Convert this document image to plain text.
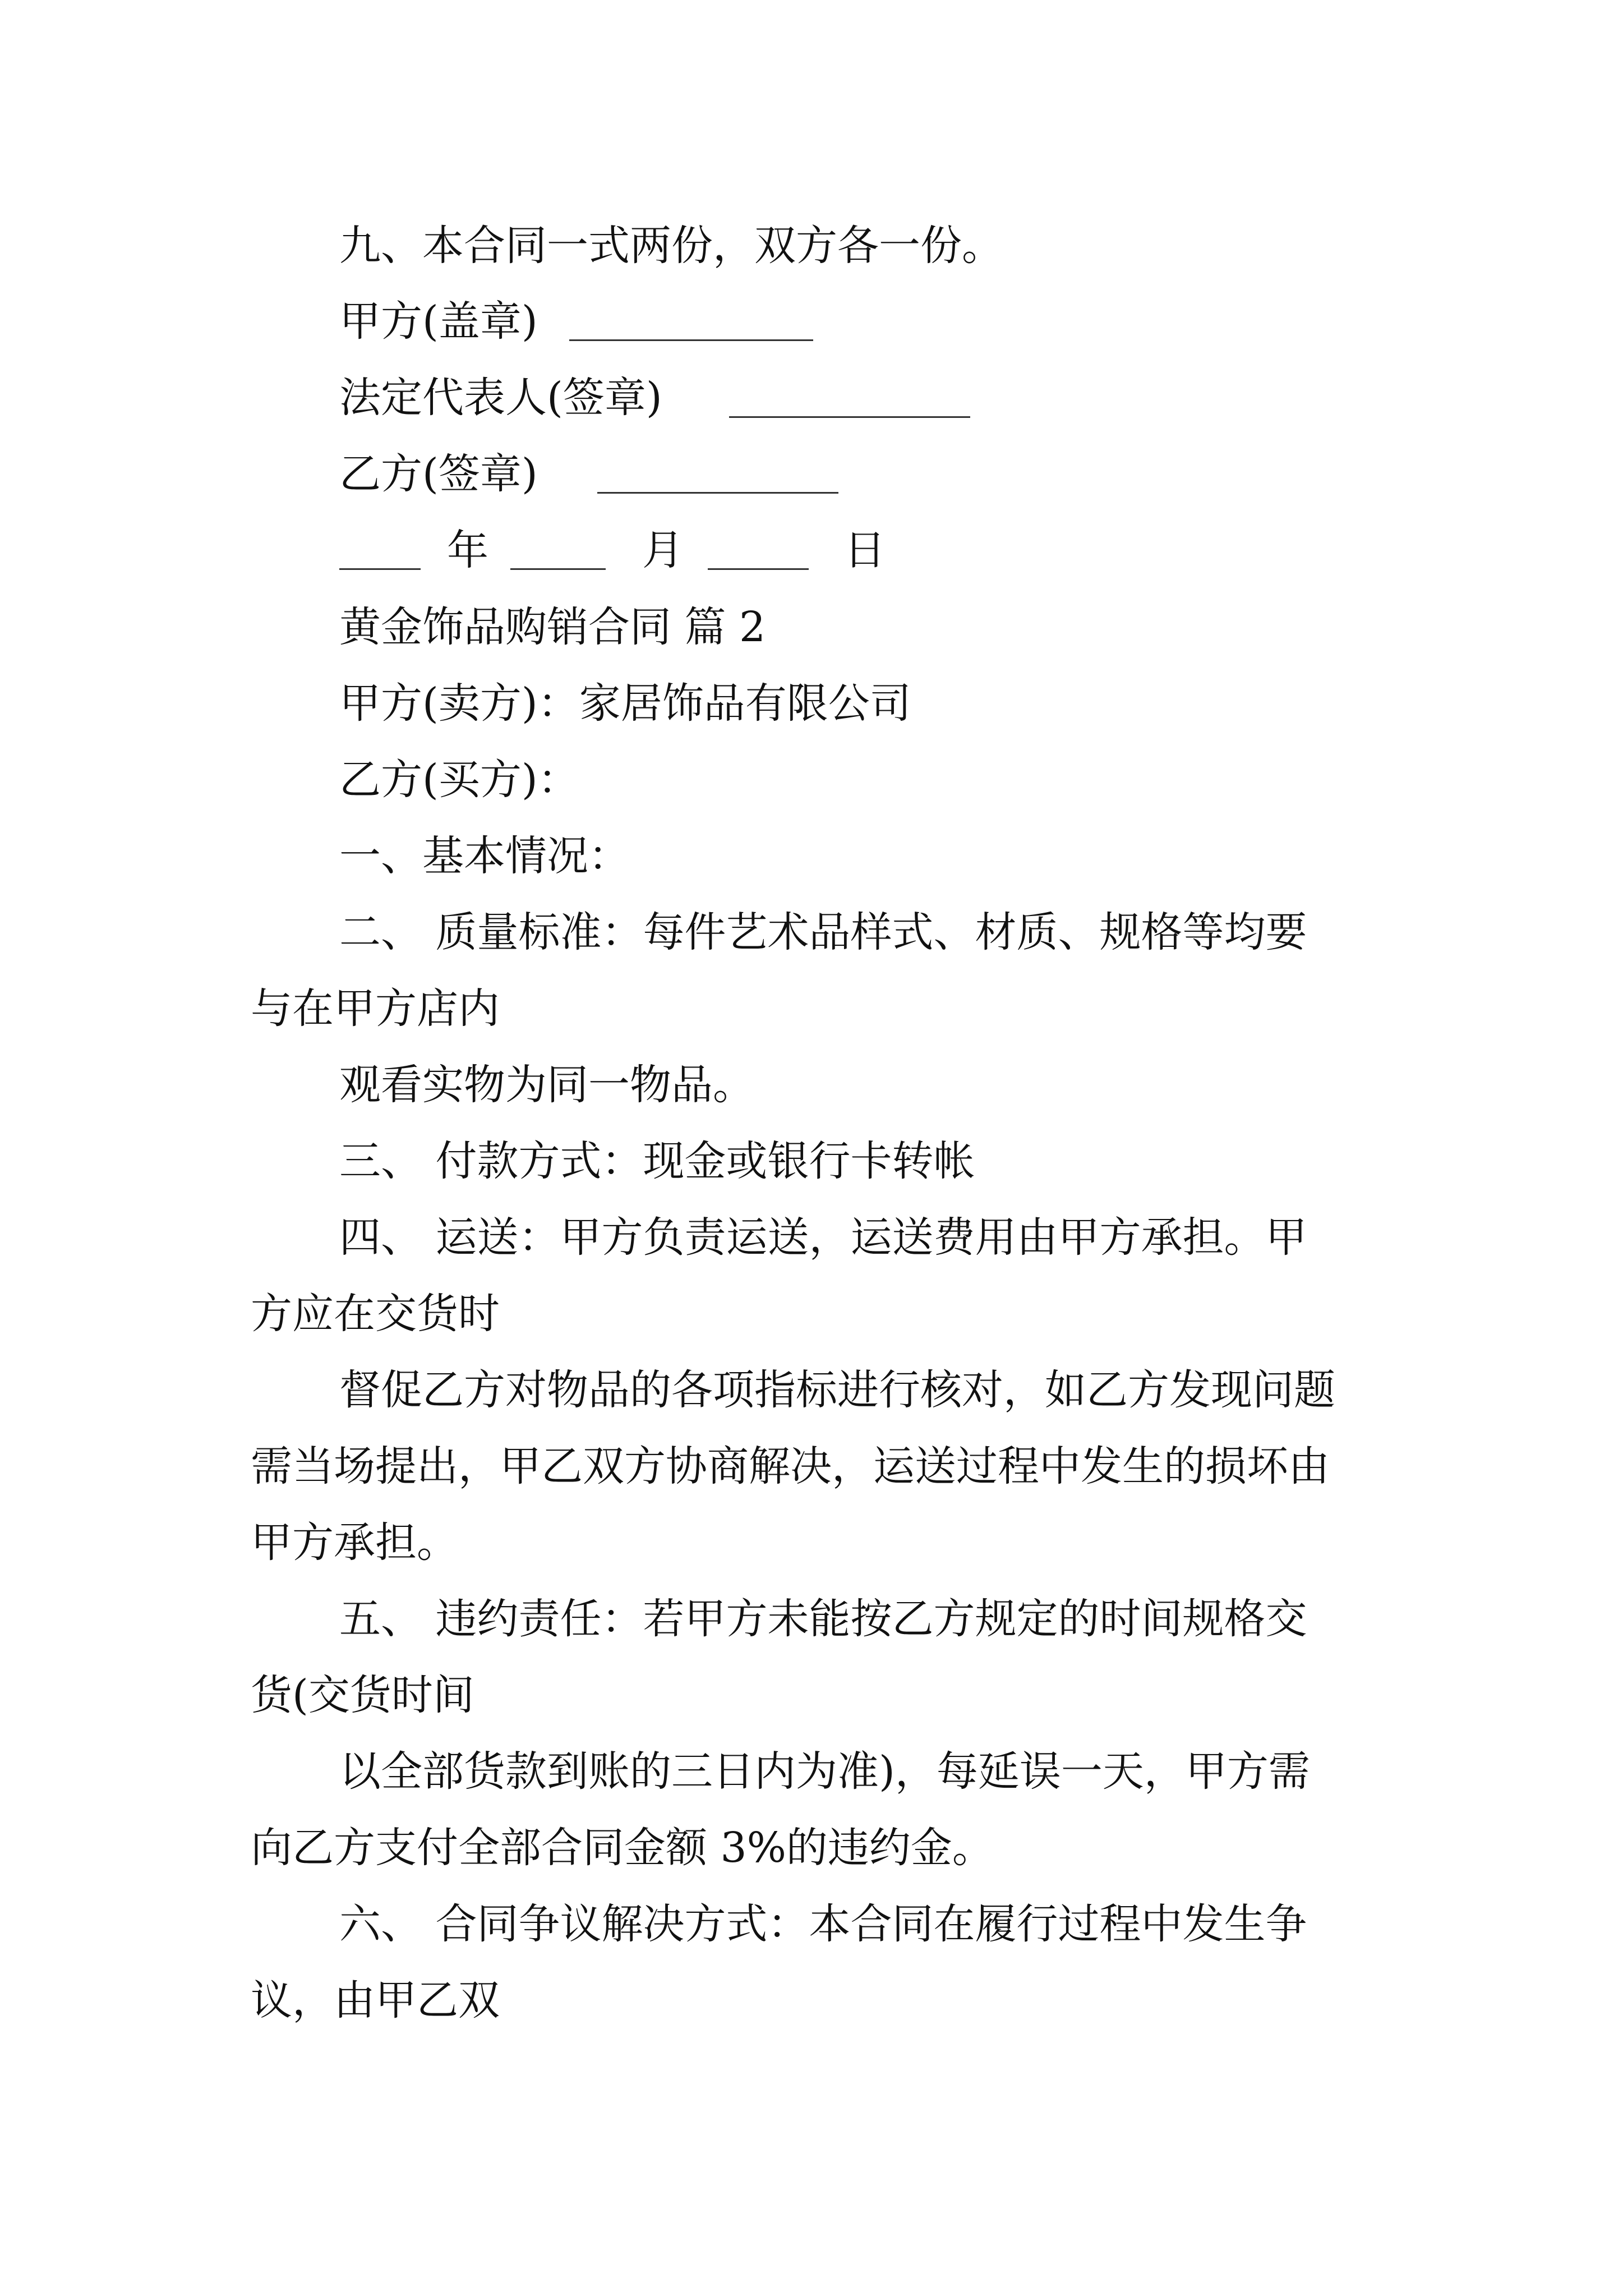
九、本合同一式两份，双方各一份。

甲方(盖章)

法定代表人(签章)

乙方(签章)

年	月	日

黄金饰品购销合同 篇 2

甲方(卖方)：家居饰品有限公司

乙方(买方)：

一、基本情况：

二、 质量标准：每件艺术品样式、材质、规格等均要

与在甲方店内

观看实物为同一物品。

三、 付款方式：现金或银行卡转帐

四、 运送：甲方负责运送，运送费用由甲方承担。甲

方应在交货时

督促乙方对物品的各项指标进行核对，如乙方发现问题

需当场提出，甲乙双方协商解决，运送过程中发生的损坏由

甲方承担。

五、 违约责任：若甲方未能按乙方规定的时间规格交

货(交货时间

以全部货款到账的三日内为准)，每延误一天，甲方需

向乙方支付全部合同金额 3%的违约金。

六、 合同争议解决方式：本合同在履行过程中发生争

议，由甲乙双
